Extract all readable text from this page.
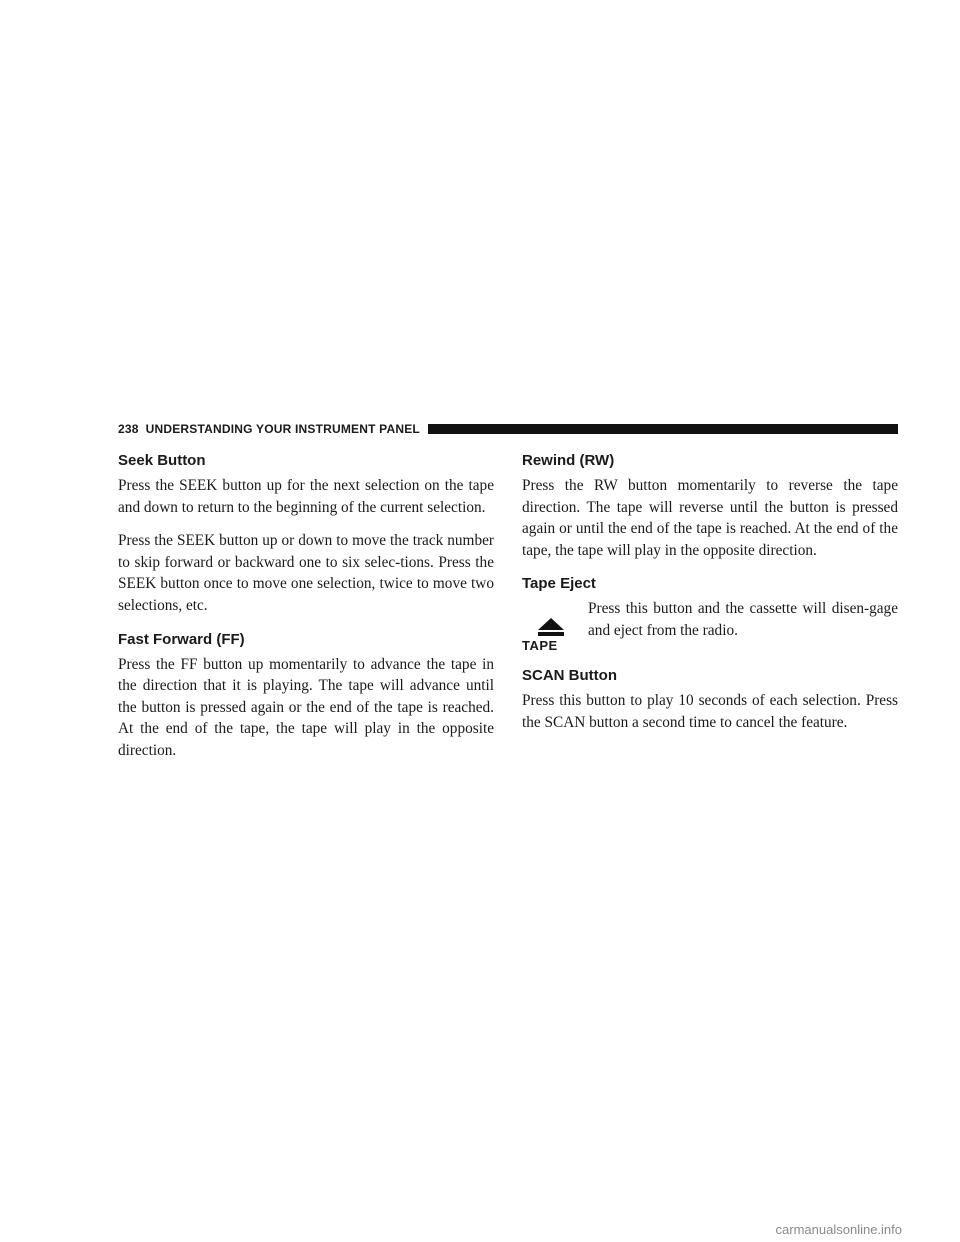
238 UNDERSTANDING YOUR INSTRUMENT PANEL
Seek Button

Press the SEEK button up for the next selection on the tape and down to return to the beginning of the current selection.

Press the SEEK button up or down to move the track number to skip forward or backward one to six selec-tions. Press the SEEK button once to move one selection, twice to move two selections, etc.

Fast Forward (FF)

Press the FF button up momentarily to advance the tape in the direction that it is playing. The tape will advance until the button is pressed again or the end of the tape is reached. At the end of the tape, the tape will play in the opposite direction.

Rewind (RW)

Press the RW button momentarily to reverse the tape direction. The tape will reverse until the button is pressed again or until the end of the tape is reached. At the end of the tape, the tape will play in the opposite direction.

Tape Eject
TAPE

Press this button and the cassette will disen-gage and eject from the radio.

SCAN Button

Press this button to play 10 seconds of each selection. Press the SCAN button a second time to cancel the feature.

carmanualsonline.info
